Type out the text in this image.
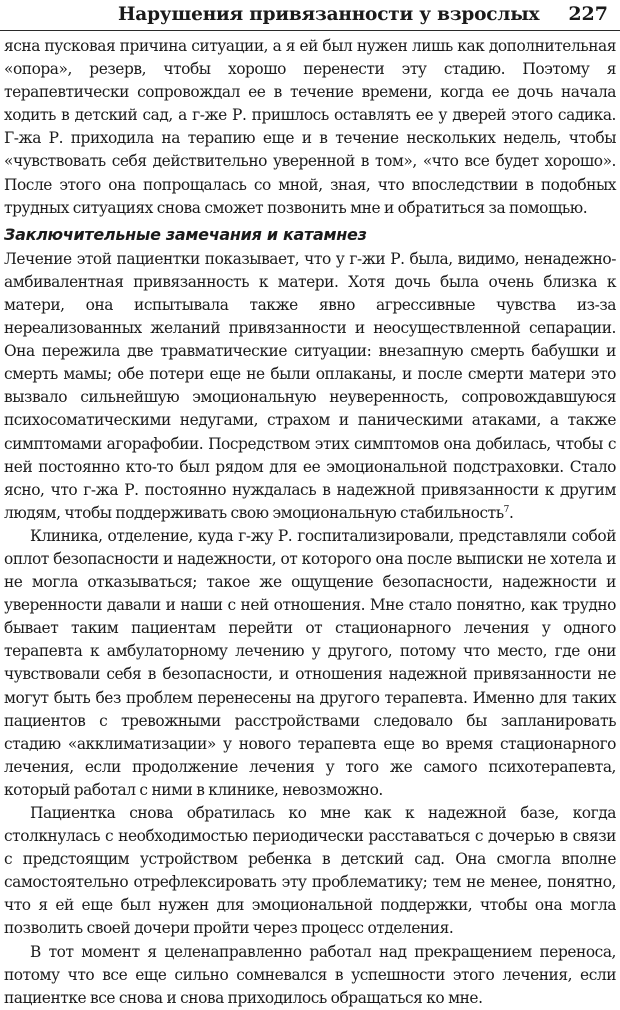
Нарушения привязанности у взрослых 227

ясна пусковая причина ситуации, а я ей был нужен лишь как дополнительная «опора», резерв, чтобы хорошо перенести эту стадию. Поэтому я терапевтически сопровождал ее в течение времени, когда ее дочь начала ходить в детский сад, а г-же Р. пришлось оставлять ее у дверей этого садика. Г-жа Р. приходила на терапию еще и в течение нескольких недель, чтобы «чувствовать себя действительно уверенной в том», «что все будет хорошо». После этого она попрощалась со мной, зная, что впоследствии в подобных трудных ситуациях снова сможет позвонить мне и обратиться за помощью.

Заключительные замечания и катамнез

Лечение этой пациентки показывает, что у г-жи Р. была, видимо, ненадежно-амбивалентная привязанность к матери. Хотя дочь была очень близка к матери, она испытывала также явно агрессивные чувства из-за нереализованных желаний привязанности и неосуществленной сепарации. Она пережила две травматические ситуации: внезапную смерть бабушки и смерть мамы; обе потери еще не были оплаканы, и после смерти матери это вызвало сильнейшую эмоциональную неуверенность, сопровождавшуюся психосоматическими недугами, страхом и паническими атаками, а также симптомами агорафобии. Посредством этих симптомов она добилась, чтобы с ней постоянно кто-то был рядом для ее эмоциональной подстраховки. Стало ясно, что г-жа Р. постоянно нуждалась в надежной привязанности к другим людям, чтобы поддерживать свою эмоциональную стабильность$^7$.

Клиника, отделение, куда г-жу Р. госпитализировали, представляли собой оплот безопасности и надежности, от которого она после выписки не хотела и не могла отказываться; такое же ощущение безопасности, надежности и уверенности давали и наши с ней отношения. Мне стало понятно, как трудно бывает таким пациентам перейти от стационарного лечения у одного терапевта к амбулаторному лечению у другого, потому что место, где они чувствовали себя в безопасности, и отношения надежной привязанности не могут быть без проблем перенесены на другого терапевта. Именно для таких пациентов с тревожными расстройствами следовало бы запланировать стадию «акклиматизации» у нового терапевта еще во время стационарного лечения, если продолжение лечения у того же самого психотерапевта, который работал с ними в клинике, невозможно.

Пациентка снова обратилась ко мне как к надежной базе, когда столкнулась с необходимостью периодически расставаться с дочерью в связи с предстоящим устройством ребенка в детский сад. Она смогла вполне самостоятельно отрефлексировать эту проблематику; тем не менее, понятно, что я ей еще был нужен для эмоциональной поддержки, чтобы она могла позволить своей дочери пройти через процесс отделения.

В тот момент я целенаправленно работал над прекращением переноса, потому что все еще сильно сомневался в успешности этого лечения, если пациентке все снова и снова приходилось обращаться ко мне.
